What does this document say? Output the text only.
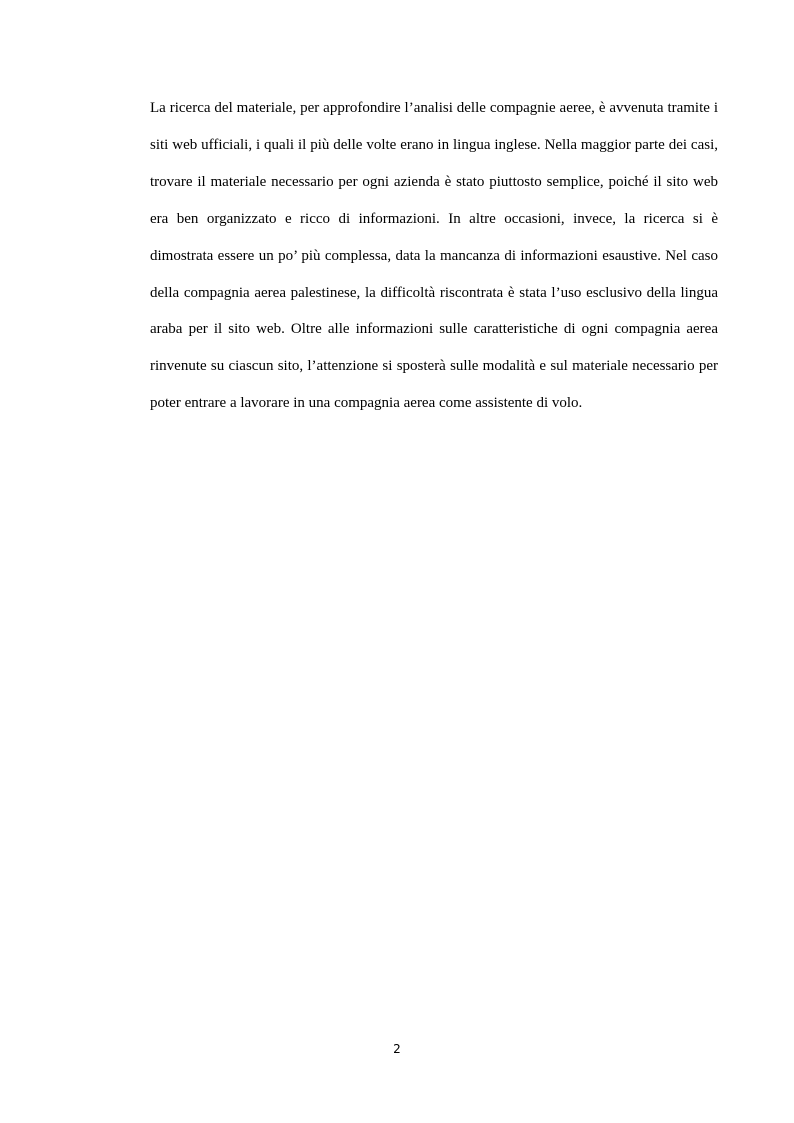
La ricerca del materiale, per approfondire l’analisi delle compagnie aeree, è avvenuta tramite i siti web ufficiali, i quali il più delle volte erano in lingua inglese. Nella maggior parte dei casi, trovare il materiale necessario per ogni azienda è stato piuttosto semplice, poiché il sito web era ben organizzato e ricco di informazioni. In altre occasioni, invece, la ricerca si è dimostrata essere un po’ più complessa, data la mancanza di informazioni esaustive. Nel caso della compagnia aerea palestinese, la difficoltà riscontrata è stata l’uso esclusivo della lingua araba per il sito web. Oltre alle informazioni sulle caratteristiche di ogni compagnia aerea rinvenute su ciascun sito, l’attenzione si sposterà sulle modalità e sul materiale necessario per poter entrare a lavorare in una compagnia aerea come assistente di volo.

2
